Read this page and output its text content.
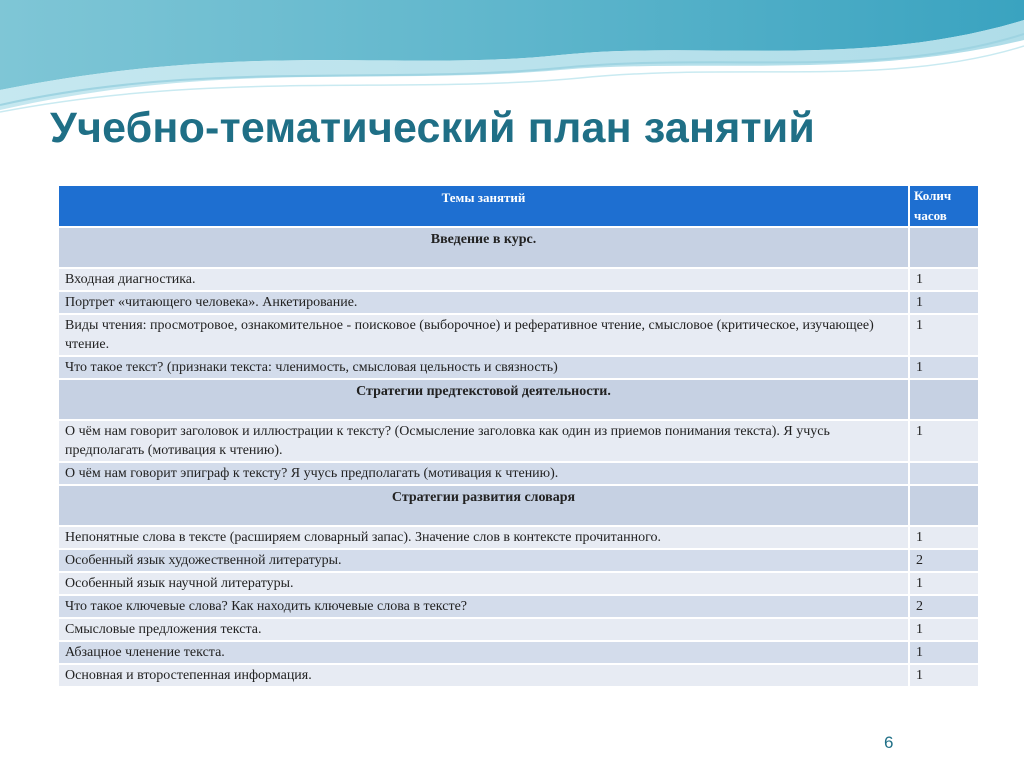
Учебно-тематический план занятий
Темы занятий	Колич часов
Введение в курс.	
Входная диагностика.	1
Портрет «читающего человека». Анкетирование.	1
Виды чтения: просмотровое, ознакомительное - поисковое (выборочное) и реферативное чтение, смысловое (критическое, изучающее) чтение.	1
Что такое текст? (признаки текста: членимость, смысловая цельность и связность)	1
Стратегии предтекстовой деятельности.	
О чём нам говорит заголовок и иллюстрации к тексту? (Осмысление заголовка как один из приемов понимания текста). Я учусь предполагать (мотивация к чтению).	1
О чём нам говорит эпиграф к тексту? Я учусь предполагать (мотивация к чтению).	
Стратегии развития словаря	
Непонятные слова в тексте (расширяем словарный запас). Значение слов в контексте прочитанного.	1
Особенный язык художественной литературы.	2
Особенный язык научной литературы.	1
Что такое ключевые слова? Как находить ключевые слова в тексте?	2
Смысловые предложения текста.	1
Абзацное членение текста.	1
Основная и второстепенная информация.	1
6
